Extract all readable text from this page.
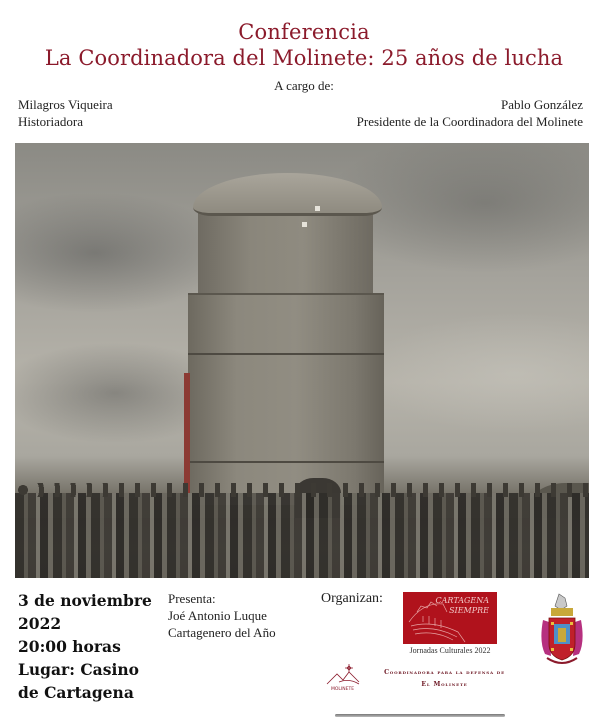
Conferencia
La Coordinadora del Molinete: 25 años de lucha
A cargo de:
Milagros Viqueira
Historiadora
Pablo González
Presidente de la Coordinadora del Molinete
3 de noviembre
2022
20:00 horas
Lugar: Casino
de Cartagena
Presenta:
Joé Antonio Luque
Cartagenero del Año
Organizan:	CARTAGENA
SIEMPRE
Jornadas Culturales 2022
MOLINETE
Coordinadora para la defensa de
El Molinete
